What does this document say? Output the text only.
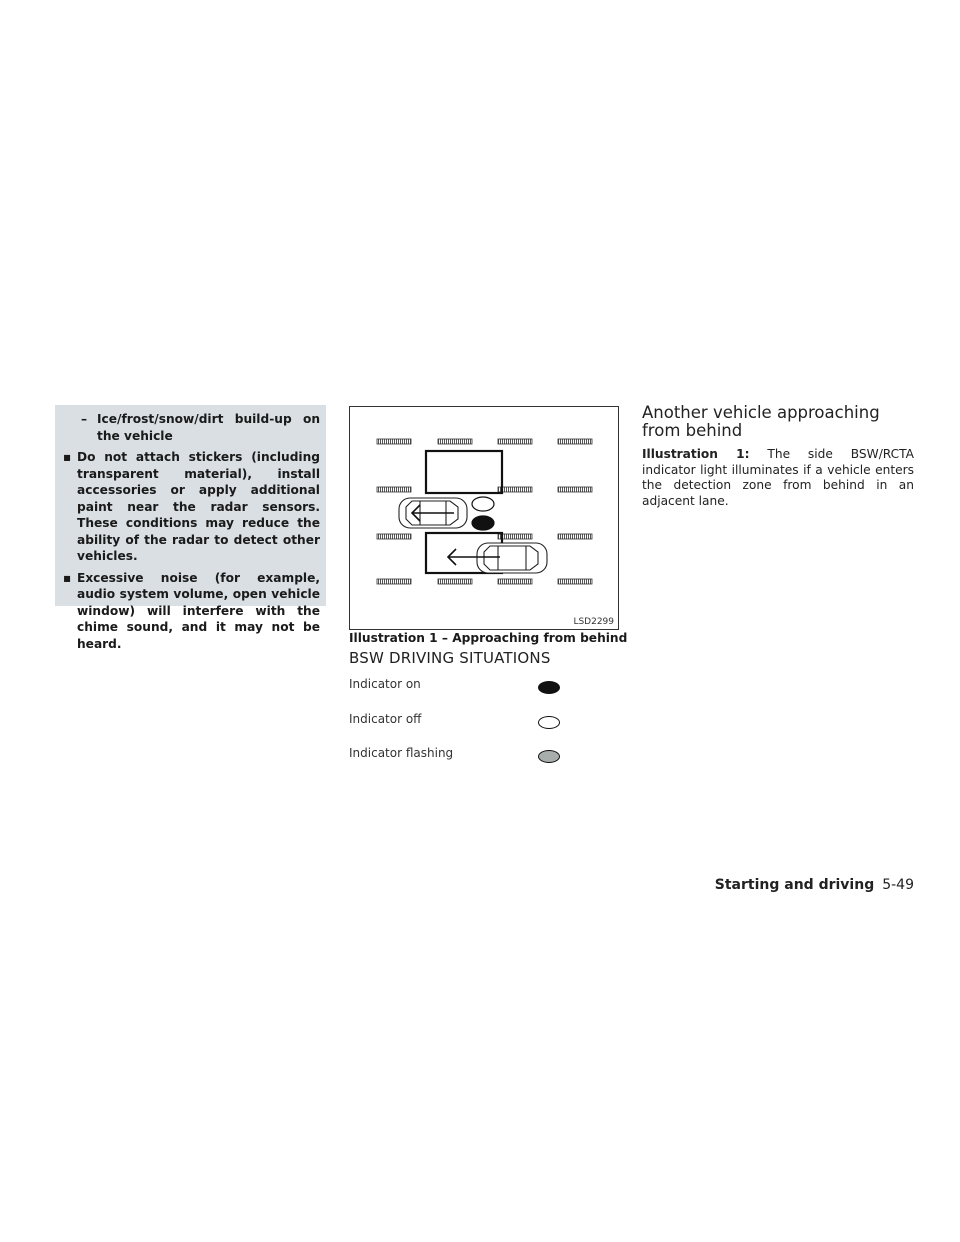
– Ice/frost/snow/dirt build-up on the vehicle
▪ Do not attach stickers (including transparent material), install accessories or apply additional paint near the radar sensors. These conditions may reduce the ability of the radar to detect other vehicles.
▪ Excessive noise (for example, audio system volume, open vehicle window) will interfere with the chime sound, and it may not be heard.
LSD2299
Illustration 1 – Approaching from behind
BSW DRIVING SITUATIONS
Indicator on
Indicator off
Indicator flashing
Another vehicle approaching from behind
Illustration 1: The side BSW/RCTA indicator light illuminates if a vehicle enters the detection zone from behind in an adjacent lane.
Starting and driving 5-49
